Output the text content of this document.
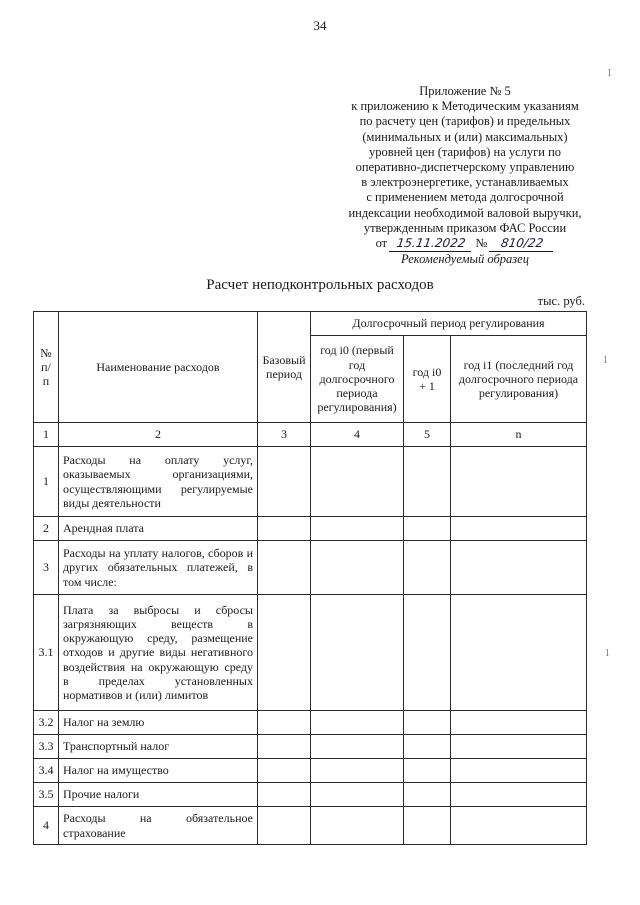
34
Приложение № 5
к приложению к Методическим указаниям
по расчету цен (тарифов) и предельных
(минимальных и (или) максимальных)
уровней цен (тарифов) на услуги по
оперативно-диспетчерскому управлению
в электроэнергетике, устанавливаемых
с применением метода долгосрочной
индексации необходимой валовой выручки,
утвержденным приказом ФАС России
от 15.11.2022 № 810/22
Рекомендуемый образец
Расчет неподконтрольных расходов
тыс. руб.
№ п/п	Наименование расходов	Базовый период	Долгосрочный период регулирования		
			год i0 (первый год долгосрочного периода регулирования)	год i0 + 1	год i1 (последний год долгосрочного периода регулирования)
1	2	3	4	5	n
1	Расходы на оплату услуг, оказываемых организациями, осуществляющими регулируемые виды деятельности				
2	Арендная плата				
3	Расходы на уплату налогов, сборов и других обязательных платежей, в том числе:				
3.1	Плата за выбросы и сбросы загрязняющих веществ в окружающую среду, размещение отходов и другие виды негативного воздействия на окружающую среду в пределах установленных нормативов и (или) лимитов				
3.2	Налог на землю				
3.3	Транспортный налог				
3.4	Налог на имущество				
3.5	Прочие налоги				
4	Расходы на обязательное страхование				
ⅼ
ⅼ
ⅼ
